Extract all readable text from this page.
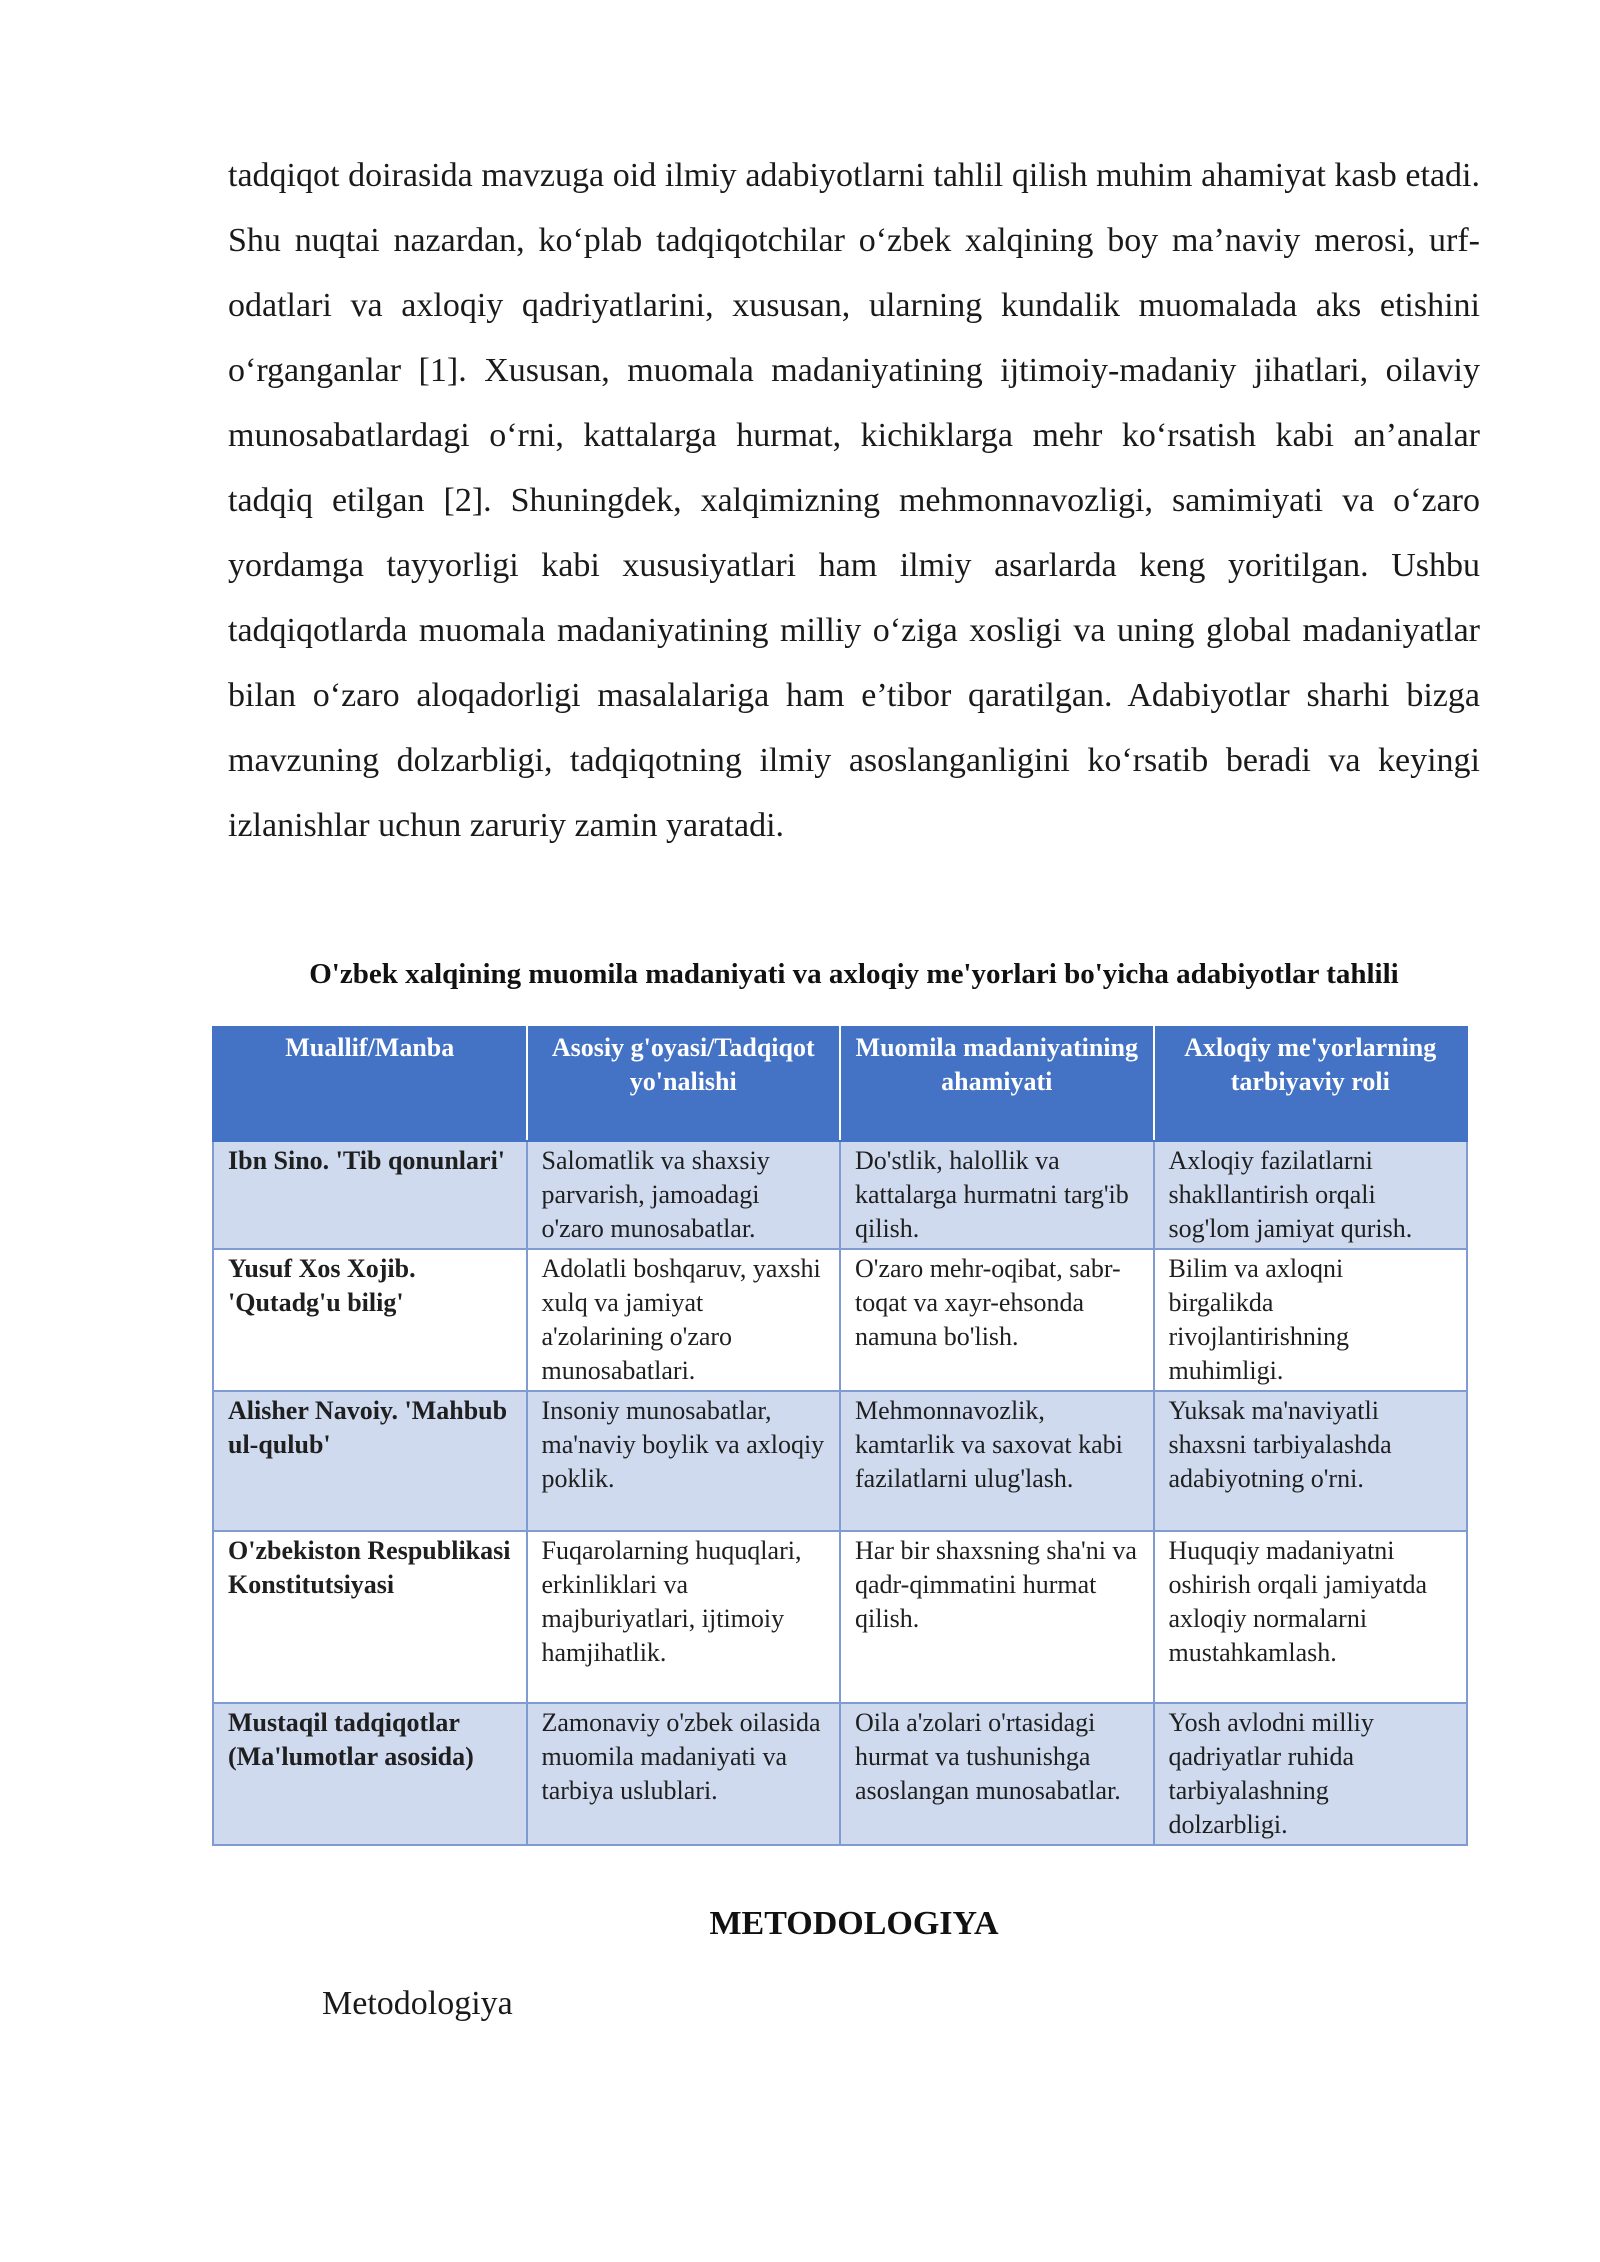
tadqiqot doirasida mavzuga oid ilmiy adabiyotlarni tahlil qilish muhim ahamiyat kasb etadi. Shu nuqtai nazardan, ko‘plab tadqiqotchilar o‘zbek xalqining boy ma’naviy merosi, urf-odatlari va axloqiy qadriyatlarini, xususan, ularning kundalik muomalada aks etishini o‘rganganlar [1]. Xususan, muomala madaniyatining ijtimoiy-madaniy jihatlari, oilaviy munosabatlardagi o‘rni, kattalarga hurmat, kichiklarga mehr ko‘rsatish kabi an’analar tadqiq etilgan [2]. Shuningdek, xalqimizning mehmonnavozligi, samimiyati va o‘zaro yordamga tayyorligi kabi xususiyatlari ham ilmiy asarlarda keng yoritilgan. Ushbu tadqiqotlarda muomala madaniyatining milliy o‘ziga xosligi va uning global madaniyatlar bilan o‘zaro aloqadorligi masalalariga ham e’tibor qaratilgan. Adabiyotlar sharhi bizga mavzuning dolzarbligi, tadqiqotning ilmiy asoslanganligini ko‘rsatib beradi va keyingi izlanishlar uchun zaruriy zamin yaratadi.

O'zbek xalqining muomila madaniyati va axloqiy me'yorlari bo'yicha adabiyotlar tahlili

Muallif/Manba	Asosiy g'oyasi/Tadqiqot yo'nalishi	Muomila madaniyatining ahamiyati	Axloqiy me'yorlarning tarbiyaviy roli
Ibn Sino. 'Tib qonunlari'	Salomatlik va shaxsiy parvarish, jamoadagi o'zaro munosabatlar.	Do'stlik, halollik va kattalarga hurmatni targ'ib qilish.	Axloqiy fazilatlarni shakllantirish orqali sog'lom jamiyat qurish.
Yusuf Xos Xojib. 'Qutadg'u bilig'	Adolatli boshqaruv, yaxshi xulq va jamiyat a'zolarining o'zaro munosabatlari.	O'zaro mehr-oqibat, sabr-toqat va xayr-ehsonda namuna bo'lish.	Bilim va axloqni birgalikda rivojlantirishning muhimligi.
Alisher Navoiy. 'Mahbub ul-qulub'	Insoniy munosabatlar, ma'naviy boylik va axloqiy poklik.	Mehmonnavozlik, kamtarlik va saxovat kabi fazilatlarni ulug'lash.	Yuksak ma'naviyatli shaxsni tarbiyalashda adabiyotning o'rni.
O'zbekiston Respublikasi Konstitutsiyasi	Fuqarolarning huquqlari, erkinliklari va majburiyatlari, ijtimoiy hamjihatlik.	Har bir shaxsning sha'ni va qadr-qimmatini hurmat qilish.	Huquqiy madaniyatni oshirish orqali jamiyatda axloqiy normalarni mustahkamlash.
Mustaqil tadqiqotlar (Ma'lumotlar asosida)	Zamonaviy o'zbek oilasida muomila madaniyati va tarbiya uslublari.	Oila a'zolari o'rtasidagi hurmat va tushunishga asoslangan munosabatlar.	Yosh avlodni milliy qadriyatlar ruhida tarbiyalashning dolzarbligi.
METODOLOGIYA

Metodologiya
